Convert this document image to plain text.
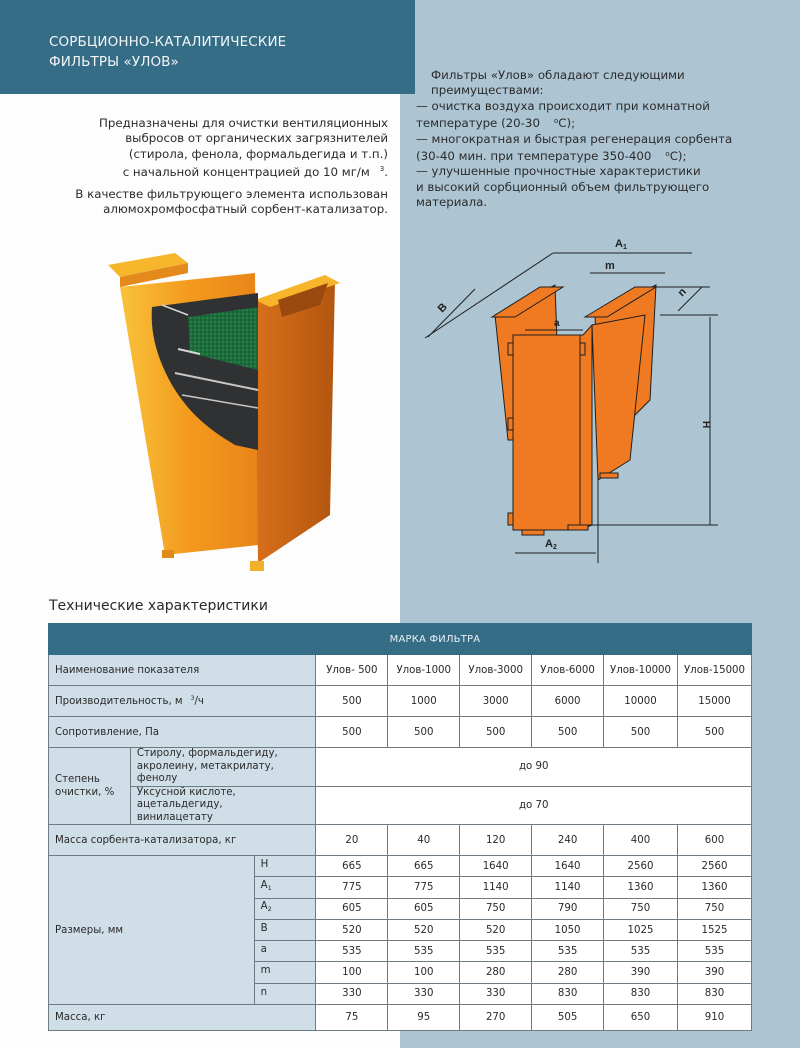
СОРБЦИОННО-КАТАЛИТИЧЕСКИЕ
ФИЛЬТРЫ «УЛОВ»

Предназначены для очистки вентиляционных
выбросов от органических загрязнителей
(стирола, фенола, формальдегида и т.п.)
с начальной концентрацией до 10 мг/м $^3$.

В качестве фильтрующего элемента использован
алюмохромфосфатный сорбент-катализатор.

Фильтры «Улов» обладают следующими
преимуществами:
— очистка воздуха происходит при комнатной
температуре (20-30 $^о$С);
— многократная и быстрая регенерация сорбента
(30-40 мин. при температуре 350-400 $^о$С);
— улучшенные прочностные характеристики
и высокий сорбционный объем фильтрующего
материала.
A1
m
a
B
n
H
A2
Технические характеристики
МАРКА ФИЛЬТРА								
Наименование показателя			Улов- 500	Улов-1000	Улов-3000	Улов-6000	Улов-10000	Улов-15000
Производительность, м $^3$/ч			500	1000	3000	6000	10000	15000
Сопротивление, Па			500	500	500	500	500	500
Степень
очистки, %	Стиролу, формальдегиду,
акролеину, метакрилату, фенолу		до 90					
	Уксусной кислоте, ацетальдегиду,
винилацетату		до 70					
Масса сорбента-катализатора, кг			20	40	120	240	400	600
Размеры, мм		H	665	665	1640	1640	2560	2560
		$A_1$	775	775	1140	1140	1360	1360
		$A_2$	605	605	750	790	750	750
		B	520	520	520	1050	1025	1525
		a	535	535	535	535	535	535
		m	100	100	280	280	390	390
		n	330	330	330	830	830	830
Масса, кг			75	95	270	505	650	910
